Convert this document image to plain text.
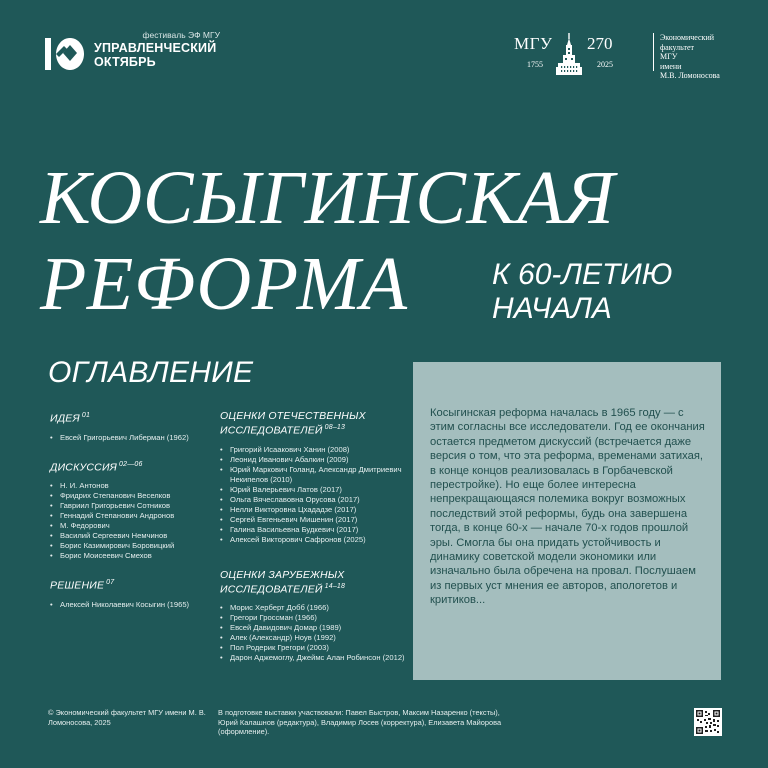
фестиваль ЭФ МГУ
УПРАВЛЕНЧЕСКИЙ
ОКТЯБРЬ
МГУ 270
1755	2025
Экономический
факультет
МГУ
имени
М.В. Ломоносова
КОСЫГИНСКАЯ
РЕФОРМА	К 60-ЛЕТИЮ
НАЧАЛА
ОГЛАВЛЕНИЕ
ИДЕЯ $^{01}$
• Евсей Григорьевич Либерман (1962)
ДИСКУССИЯ $^{02—06}$
• Н. И. Антонов
• Фридрих Степанович Веселков
• Гавриил Григорьевич Сотников
• Геннадий Степанович Андронов
• М. Федорович
• Василий Сергеевич Немчинов
• Борис Казимирович Боровицкий
• Борис Моисеевич Смехов
РЕШЕНИЕ $^{07}$
• Алексей Николаевич Косыгин (1965)
ОЦЕНКИ ОТЕЧЕСТВЕННЫХ
ИССЛЕДОВАТЕЛЕЙ $^{08-13}$
• Григорий Исаакович Ханин (2008)
• Леонид Иванович Абалкин (2009)
• Юрий Маркович Голанд, Александр Дмитриевич Некипелов (2010)
• Юрий Валерьевич Латов (2017)
• Ольга Вячеславовна Орусова (2017)
• Нелли Викторовна Цхададзе (2017)
• Сергей Евгеньевич Мишенин (2017)
• Галина Васильевна Будкевич (2017)
• Алексей Викторович Сафронов (2025)
ОЦЕНКИ ЗАРУБЕЖНЫХ
ИССЛЕДОВАТЕЛЕЙ $^{14-18}$
• Морис Херберт Добб (1966)
• Грегори Гроссман (1966)
• Евсей Давидович Домар (1989)
• Алек (Александр) Ноув (1992)
• Пол Родерик Грегори (2003)
• Дарон Аджемоглу, Джеймс Алан Робинсон (2012)
Косыгинская реформа началась в 1965 году — с этим согласны все исследователи. Год ее окончания остается предметом дискуссий (встречается даже версия о том, что эта реформа, временами затихая, в конце концов реализовалась в Горбачевской перестройке). Но еще более интересна непрекращающаяся полемика вокруг возможных последствий этой реформы, будь она завершена тогда, в конце 60-х — начале 70-х годов прошлой эры. Смогла бы она придать устойчивость и динамику советской модели экономики или изначально была обречена на провал. Послушаем из первых уст мнения ее авторов, апологетов и критиков...
© Экономический факультет МГУ имени М. В. Ломоносова, 2025
В подготовке выставки участвовали: Павел Быстров, Максим Назаренко (тексты), Юрий Калашнов (редактура), Владимир Лосев (корректура), Елизавета Майорова (оформление).
